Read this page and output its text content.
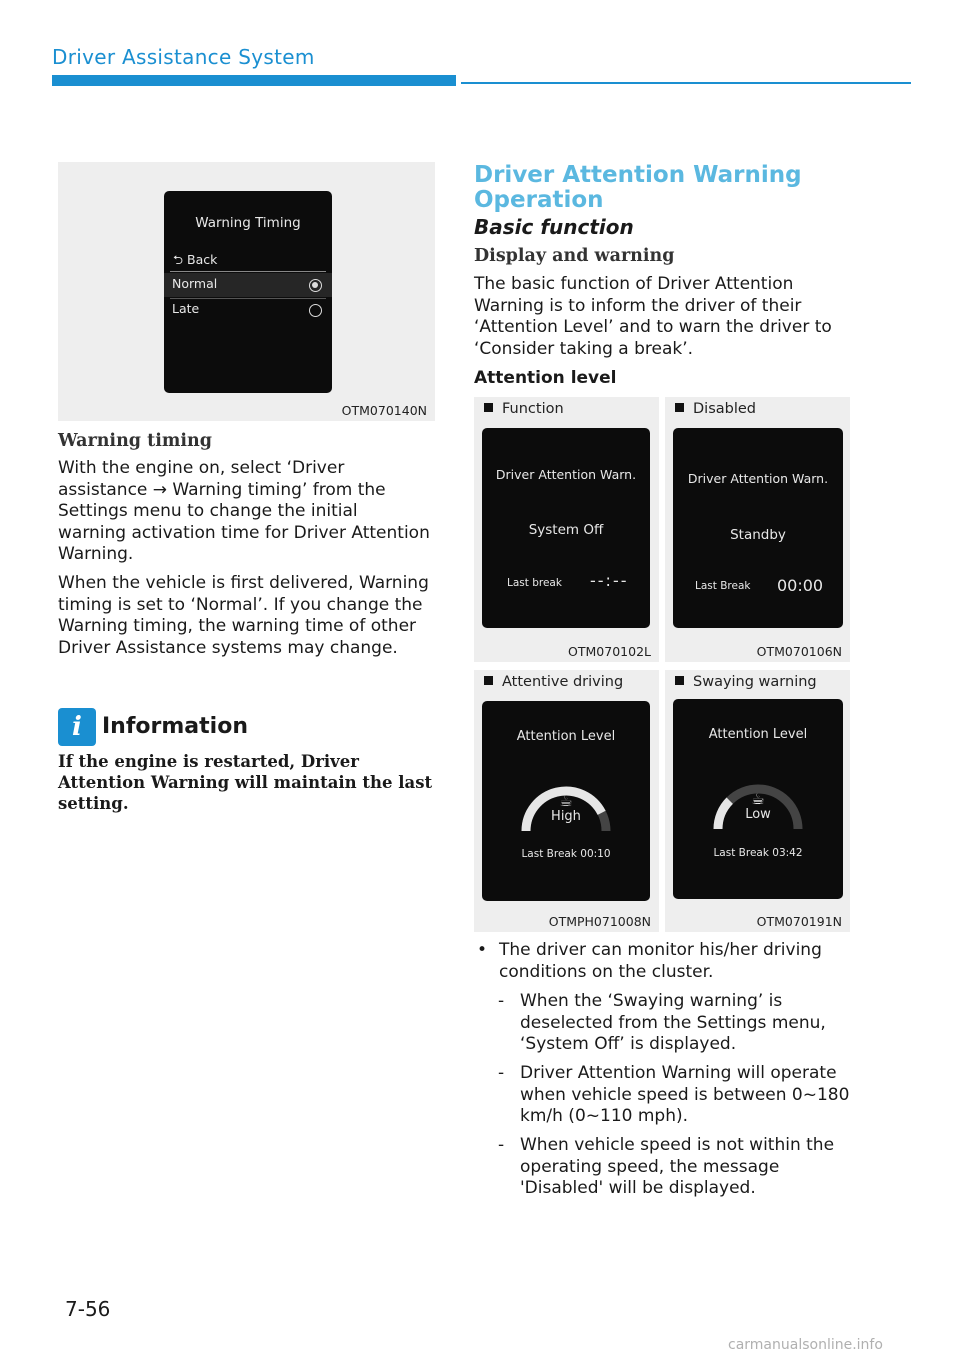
Driver Assistance System
Warning Timing
⮌ Back
Normal
Late
OTM070140N
Warning timing
With the engine on, select ‘Driver assistance → Warning timing’ from the Settings menu to change the initial warning activation time for Driver Attention Warning.
When the vehicle is first delivered, Warning timing is set to ‘Normal’. If you change the Warning timing, the warning time of other Driver Assistance systems may change.
i Information
If the engine is restarted, Driver Attention Warning will maintain the last setting.
Driver Attention Warning Operation
Basic function
Display and warning
The basic function of Driver Attention Warning is to inform the driver of their ‘Attention Level’ and to warn the driver to ‘Consider taking a break’.
Attention level
Function
Driver Attention Warn.
System Off
Last break --:--
OTM070102L
Disabled
Driver Attention Warn.
Standby
Last Break 00:00
OTM070106N
Attentive driving
Attention Level
☕
High
Last Break 00:10
OTMPH071008N
Swaying warning
Attention Level
☕
Low
Last Break 03:42
OTM070191N
• The driver can monitor his/her driving conditions on the cluster.
- When the ‘Swaying warning’ is deselected from the Settings menu, ‘System Off’ is displayed.
- Driver Attention Warning will operate when vehicle speed is between 0~180 km/h (0~110 mph).
- When vehicle speed is not within the operating speed, the message 'Disabled' will be displayed.
7-56
carmanualsonline.info
